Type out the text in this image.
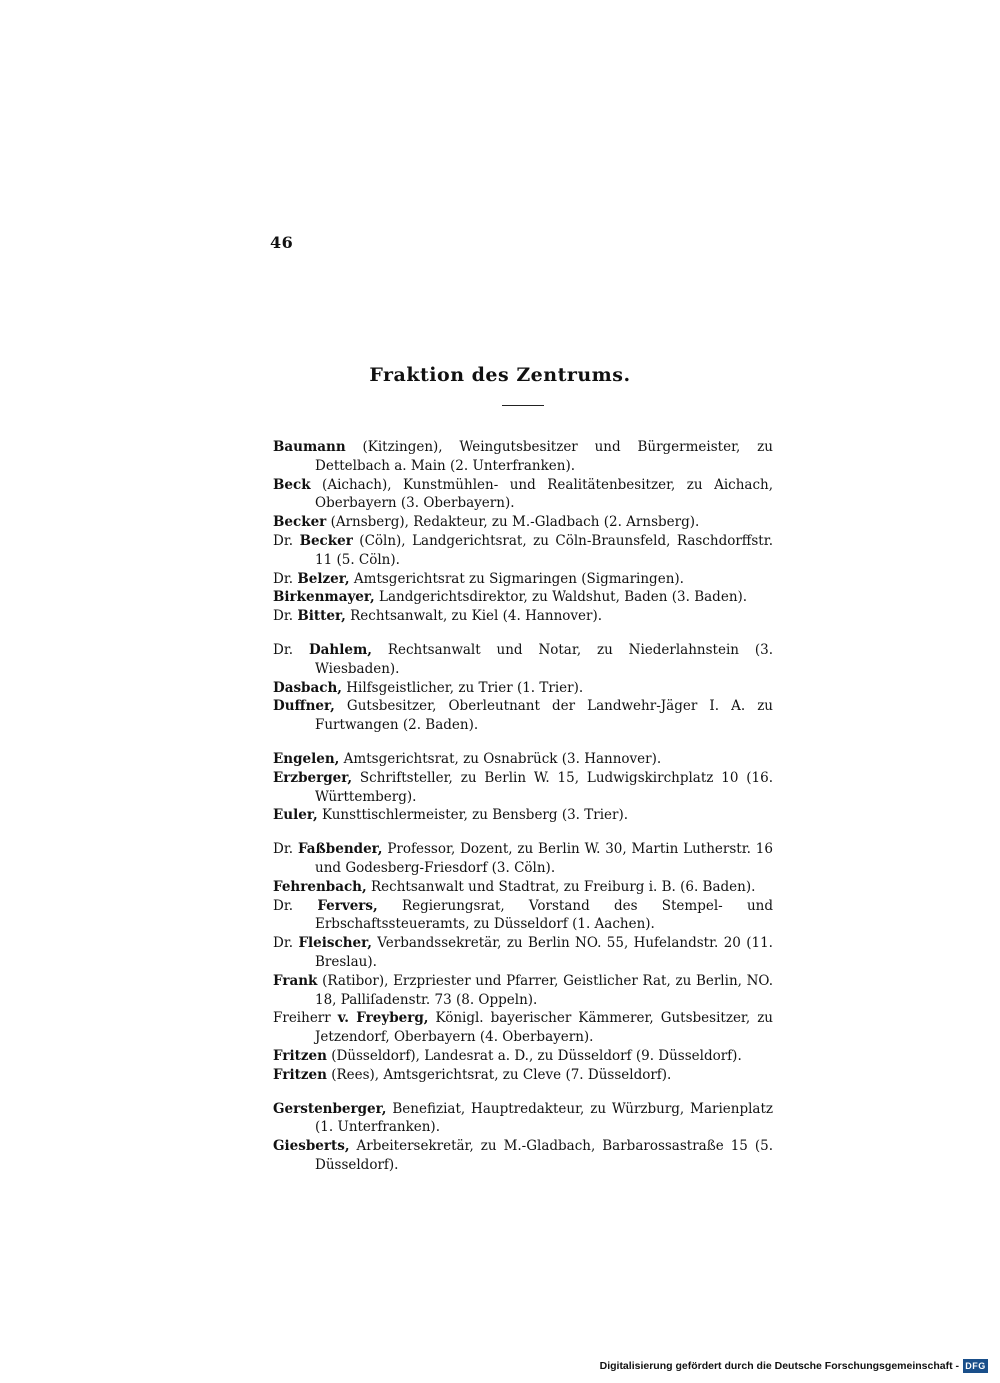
46
Fraktion des Zentrums.

Baumann (Kitzingen), Weingutsbesitzer und Bürgermeister, zu Dettelbach a. Main (2. Unterfranken).

Beck (Aichach), Kunstmühlen- und Realitätenbesitzer, zu Aichach, Oberbayern (3. Oberbayern).

Becker (Arnsberg), Redakteur, zu M.-Gladbach (2. Arnsberg).

Dr. Becker (Cöln), Landgerichtsrat, zu Cöln-Braunsfeld, Raschdorffstr. 11 (5. Cöln).

Dr. Belzer, Amtsgerichtsrat zu Sigmaringen (Sigmaringen).

Birkenmayer, Landgerichtsdirektor, zu Waldshut, Baden (3. Baden).

Dr. Bitter, Rechtsanwalt, zu Kiel (4. Hannover).

Dr. Dahlem, Rechtsanwalt und Notar, zu Niederlahnstein (3. Wiesbaden).

Dasbach, Hilfsgeistlicher, zu Trier (1. Trier).

Duffner, Gutsbesitzer, Oberleutnant der Landwehr-Jäger I. A. zu Furtwangen (2. Baden).

Engelen, Amtsgerichtsrat, zu Osnabrück (3. Hannover).

Erzberger, Schriftsteller, zu Berlin W. 15, Ludwigskirchplatz 10 (16. Württemberg).

Euler, Kunsttischlermeister, zu Bensberg (3. Trier).

Dr. Faßbender, Professor, Dozent, zu Berlin W. 30, Martin Lutherstr. 16 und Godesberg-Friesdorf (3. Cöln).

Fehrenbach, Rechtsanwalt und Stadtrat, zu Freiburg i. B. (6. Baden).

Dr. Fervers, Regierungsrat, Vorstand des Stempel- und Erbschaftssteueramts, zu Düsseldorf (1. Aachen).

Dr. Fleischer, Verbandssekretär, zu Berlin NO. 55, Hufelandstr. 20 (11. Breslau).

Frank (Ratibor), Erzpriester und Pfarrer, Geistlicher Rat, zu Berlin, NO. 18, Palliſadenstr. 73 (8. Oppeln).

Freiherr v. Freyberg, Königl. bayerischer Kämmerer, Gutsbesitzer, zu Jetzendorf, Oberbayern (4. Oberbayern).

Fritzen (Düsseldorf), Landesrat a. D., zu Düsseldorf (9. Düsseldorf).

Fritzen (Rees), Amtsgerichtsrat, zu Cleve (7. Düsseldorf).

Gerstenberger, Benefiziat, Hauptredakteur, zu Würzburg, Marienplatz (1. Unterfranken).

Giesberts, Arbeitersekretär, zu M.-Gladbach, Barbarossastraße 15 (5. Düsseldorf).

Digitalisierung gefördert durch die Deutsche Forschungsgemeinschaft - DFG
